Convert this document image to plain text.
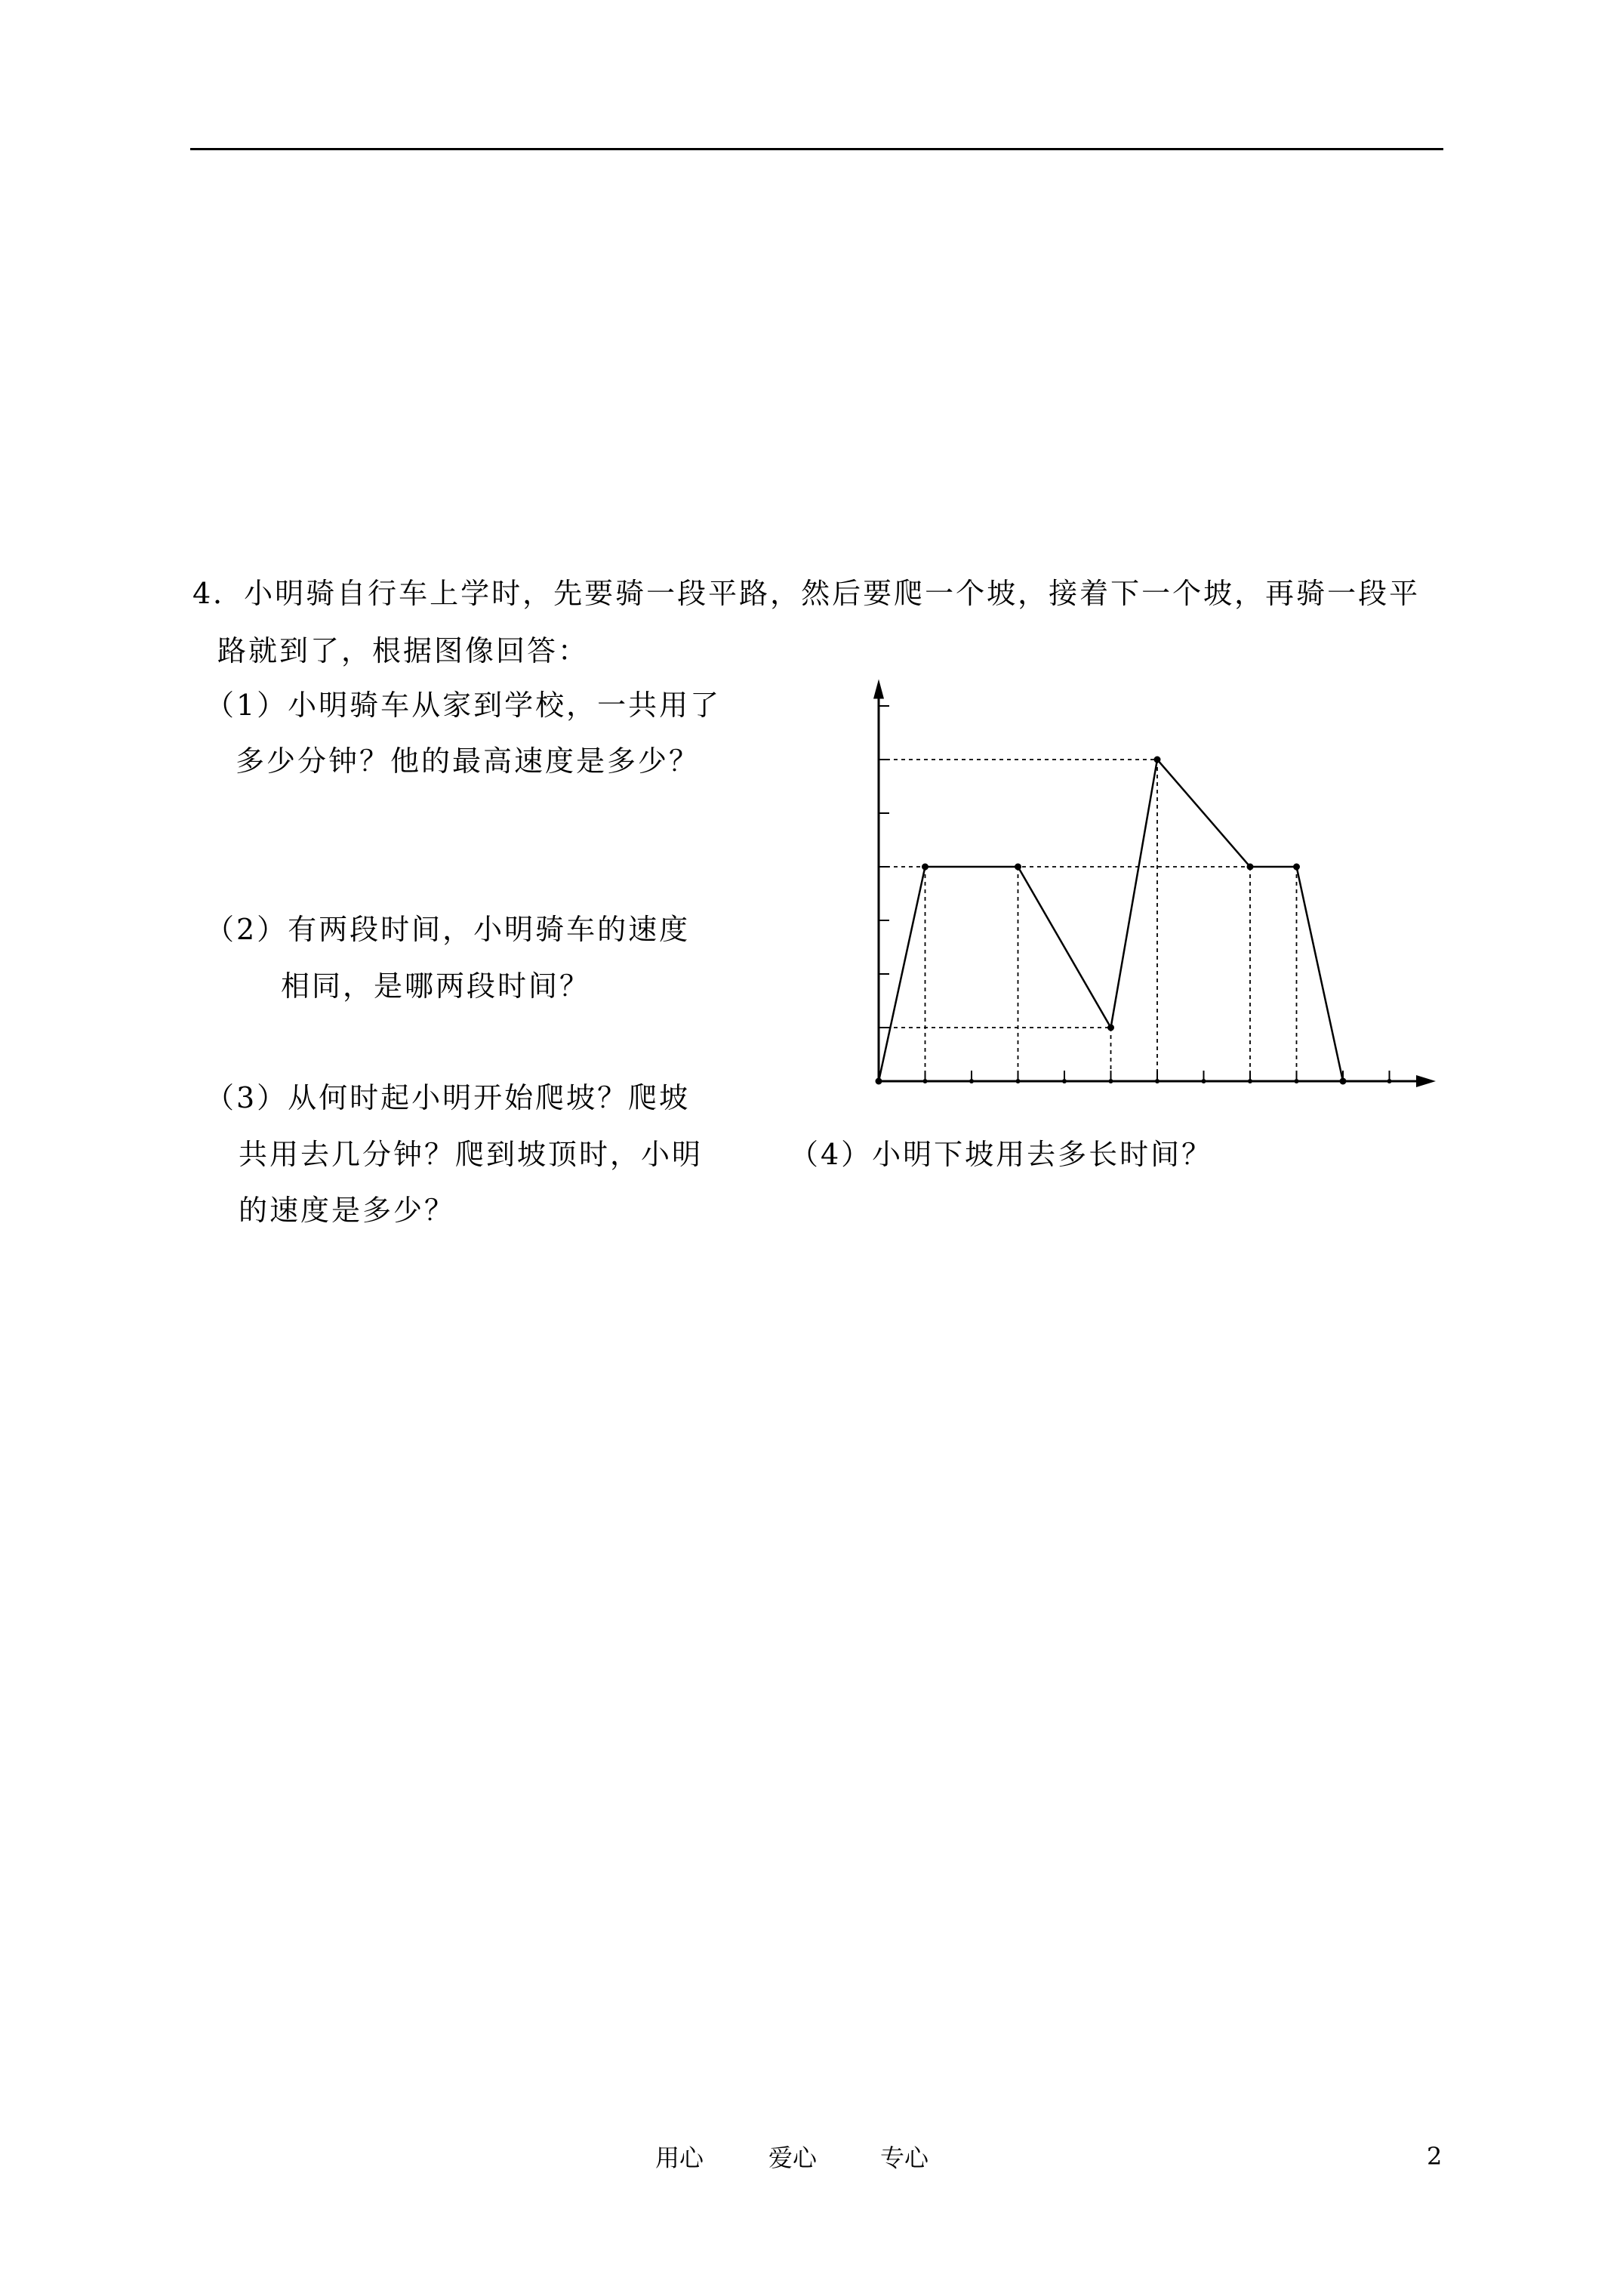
4．小明骑自行车上学时，先要骑一段平路，然后要爬一个坡，接着下一个坡，再骑一段平
路就到了，根据图像回答：
（1）小明骑车从家到学校，一共用了
多少分钟？他的最高速度是多少？
（2）有两段时间，小明骑车的速度
相同，是哪两段时间？
（3）从何时起小明开始爬坡？爬坡
共用去几分钟？爬到坡顶时，小明
的速度是多少？
（4）小明下坡用去多长时间？
用心	爱心	专心	2
